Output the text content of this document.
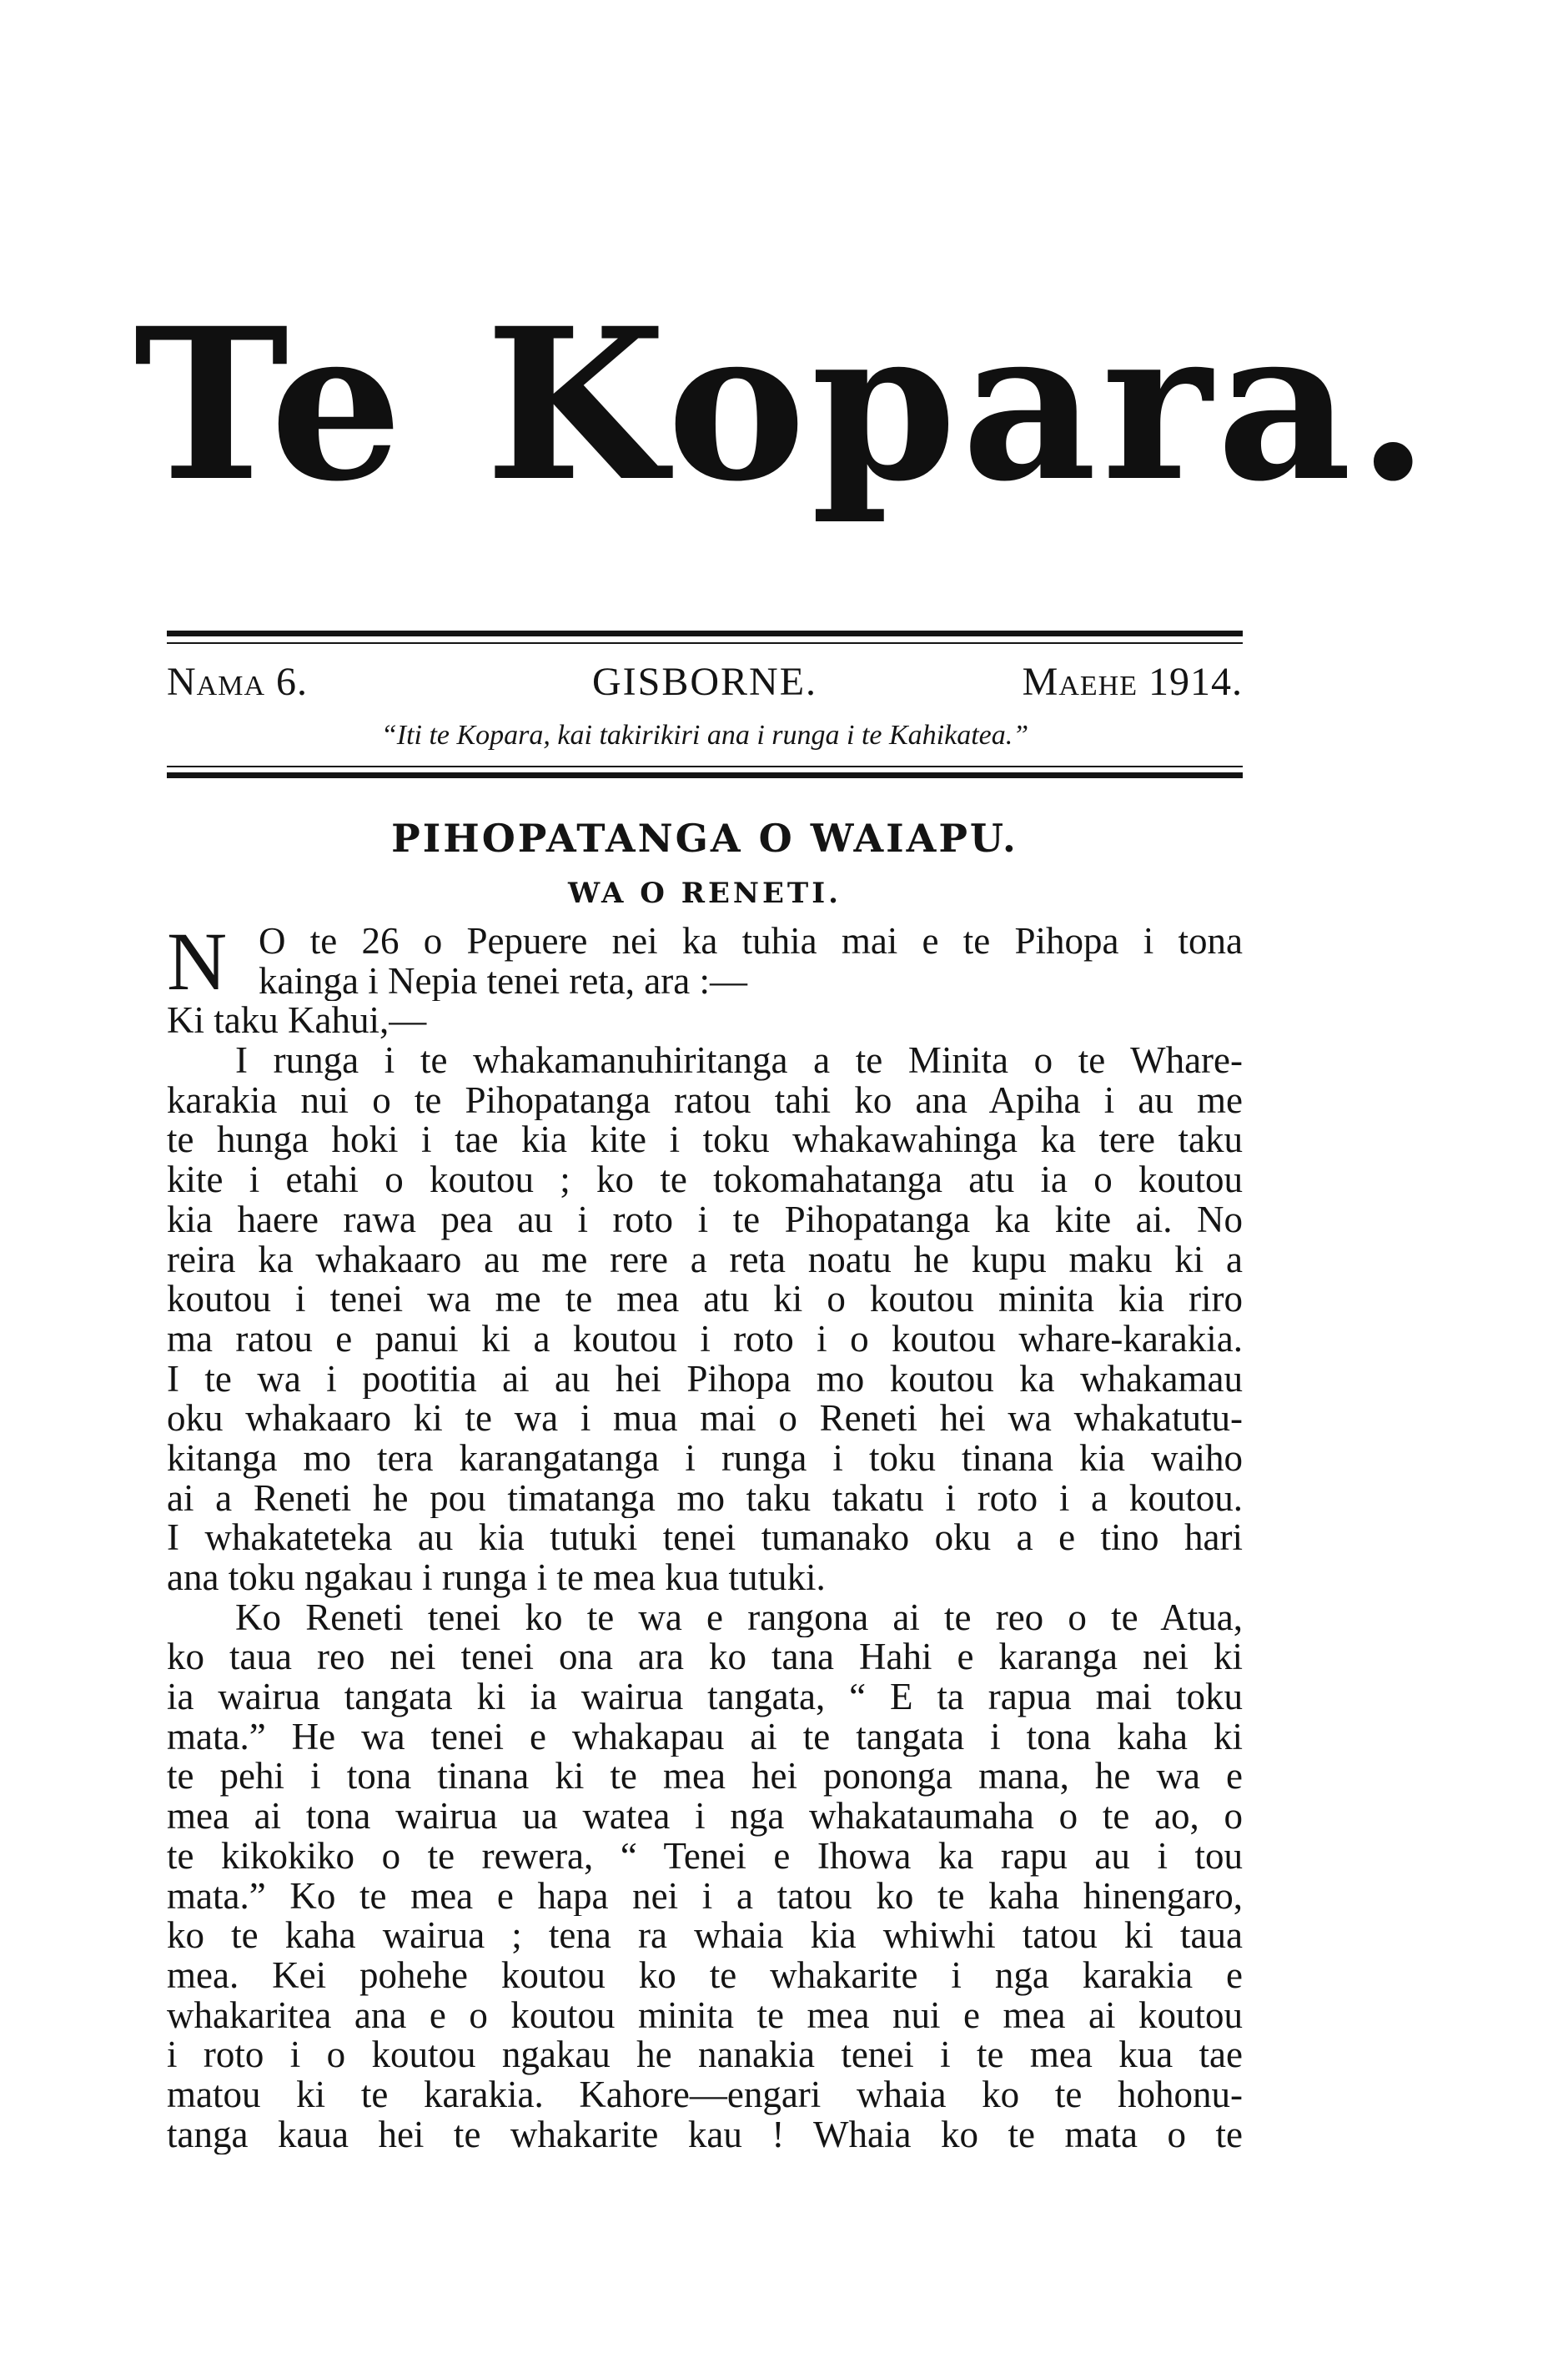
Te Kopara.
Nama 6.	GISBORNE.	Maehe 1914.
“Iti te Kopara, kai takirikiri ana i runga i te Kahikatea.”
PIHOPATANGA O WAIAPU.
WA O RENETI.
N O te 26 o Pepuere nei ka tuhia mai e te Pihopa i tona
kainga i Nepia tenei reta, ara :—
Ki taku Kahui,—
I runga i te whakamanuhiritanga a te Minita o te Whare-
karakia nui o te Pihopatanga ratou tahi ko ana Apiha i au me
te hunga hoki i tae kia kite i toku whakawahinga ka tere taku
kite i etahi o koutou ; ko te tokomahatanga atu ia o koutou
kia haere rawa pea au i roto i te Pihopatanga ka kite ai. No
reira ka whakaaro au me rere a reta noatu he kupu maku ki a
koutou i tenei wa me te mea atu ki o koutou minita kia riro
ma ratou e panui ki a koutou i roto i o koutou whare-karakia.
I te wa i pootitia ai au hei Pihopa mo koutou ka whakamau
oku whakaaro ki te wa i mua mai o Reneti hei wa whakatutu-
kitanga mo tera karangatanga i runga i toku tinana kia waiho
ai a Reneti he pou timatanga mo taku takatu i roto i a koutou.
I whakateteka au kia tutuki tenei tumanako oku a e tino hari
ana toku ngakau i runga i te mea kua tutuki.
Ko Reneti tenei ko te wa e rangona ai te reo o te Atua,
ko taua reo nei tenei ona ara ko tana Hahi e karanga nei ki
ia wairua tangata ki ia wairua tangata, “ E ta rapua mai toku
mata.” He wa tenei e whakapau ai te tangata i tona kaha ki
te pehi i tona tinana ki te mea hei pononga mana, he wa e
mea ai tona wairua ua watea i nga whakataumaha o te ao, o
te kikokiko o te rewera, “ Tenei e Ihowa ka rapu au i tou
mata.” Ko te mea e hapa nei i a tatou ko te kaha hinengaro,
ko te kaha wairua ; tena ra whaia kia whiwhi tatou ki taua
mea. Kei pohehe koutou ko te whakarite i nga karakia e
whakaritea ana e o koutou minita te mea nui e mea ai koutou
i roto i o koutou ngakau he nanakia tenei i te mea kua tae
matou ki te karakia. Kahore—engari whaia ko te hohonu-
tanga kaua hei te whakarite kau ! Whaia ko te mata o te
